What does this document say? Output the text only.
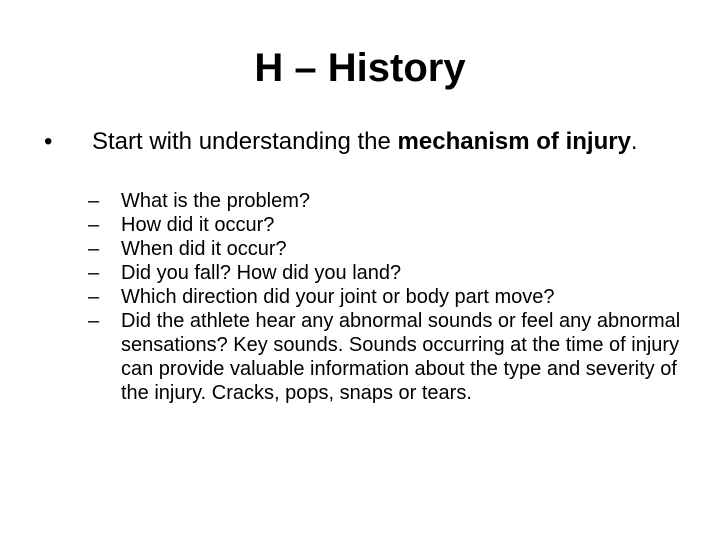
H – History
• Start with understanding the mechanism of injury.
– What is the problem?
– How did it occur?
– When did it occur?
– Did you fall? How did you land?
– Which direction did your joint or body part move?
– Did the athlete hear any abnormal sounds or feel any abnormal sensations? Key sounds. Sounds occurring at the time of injury can provide valuable information about the type and severity of the injury. Cracks, pops, snaps or tears.
